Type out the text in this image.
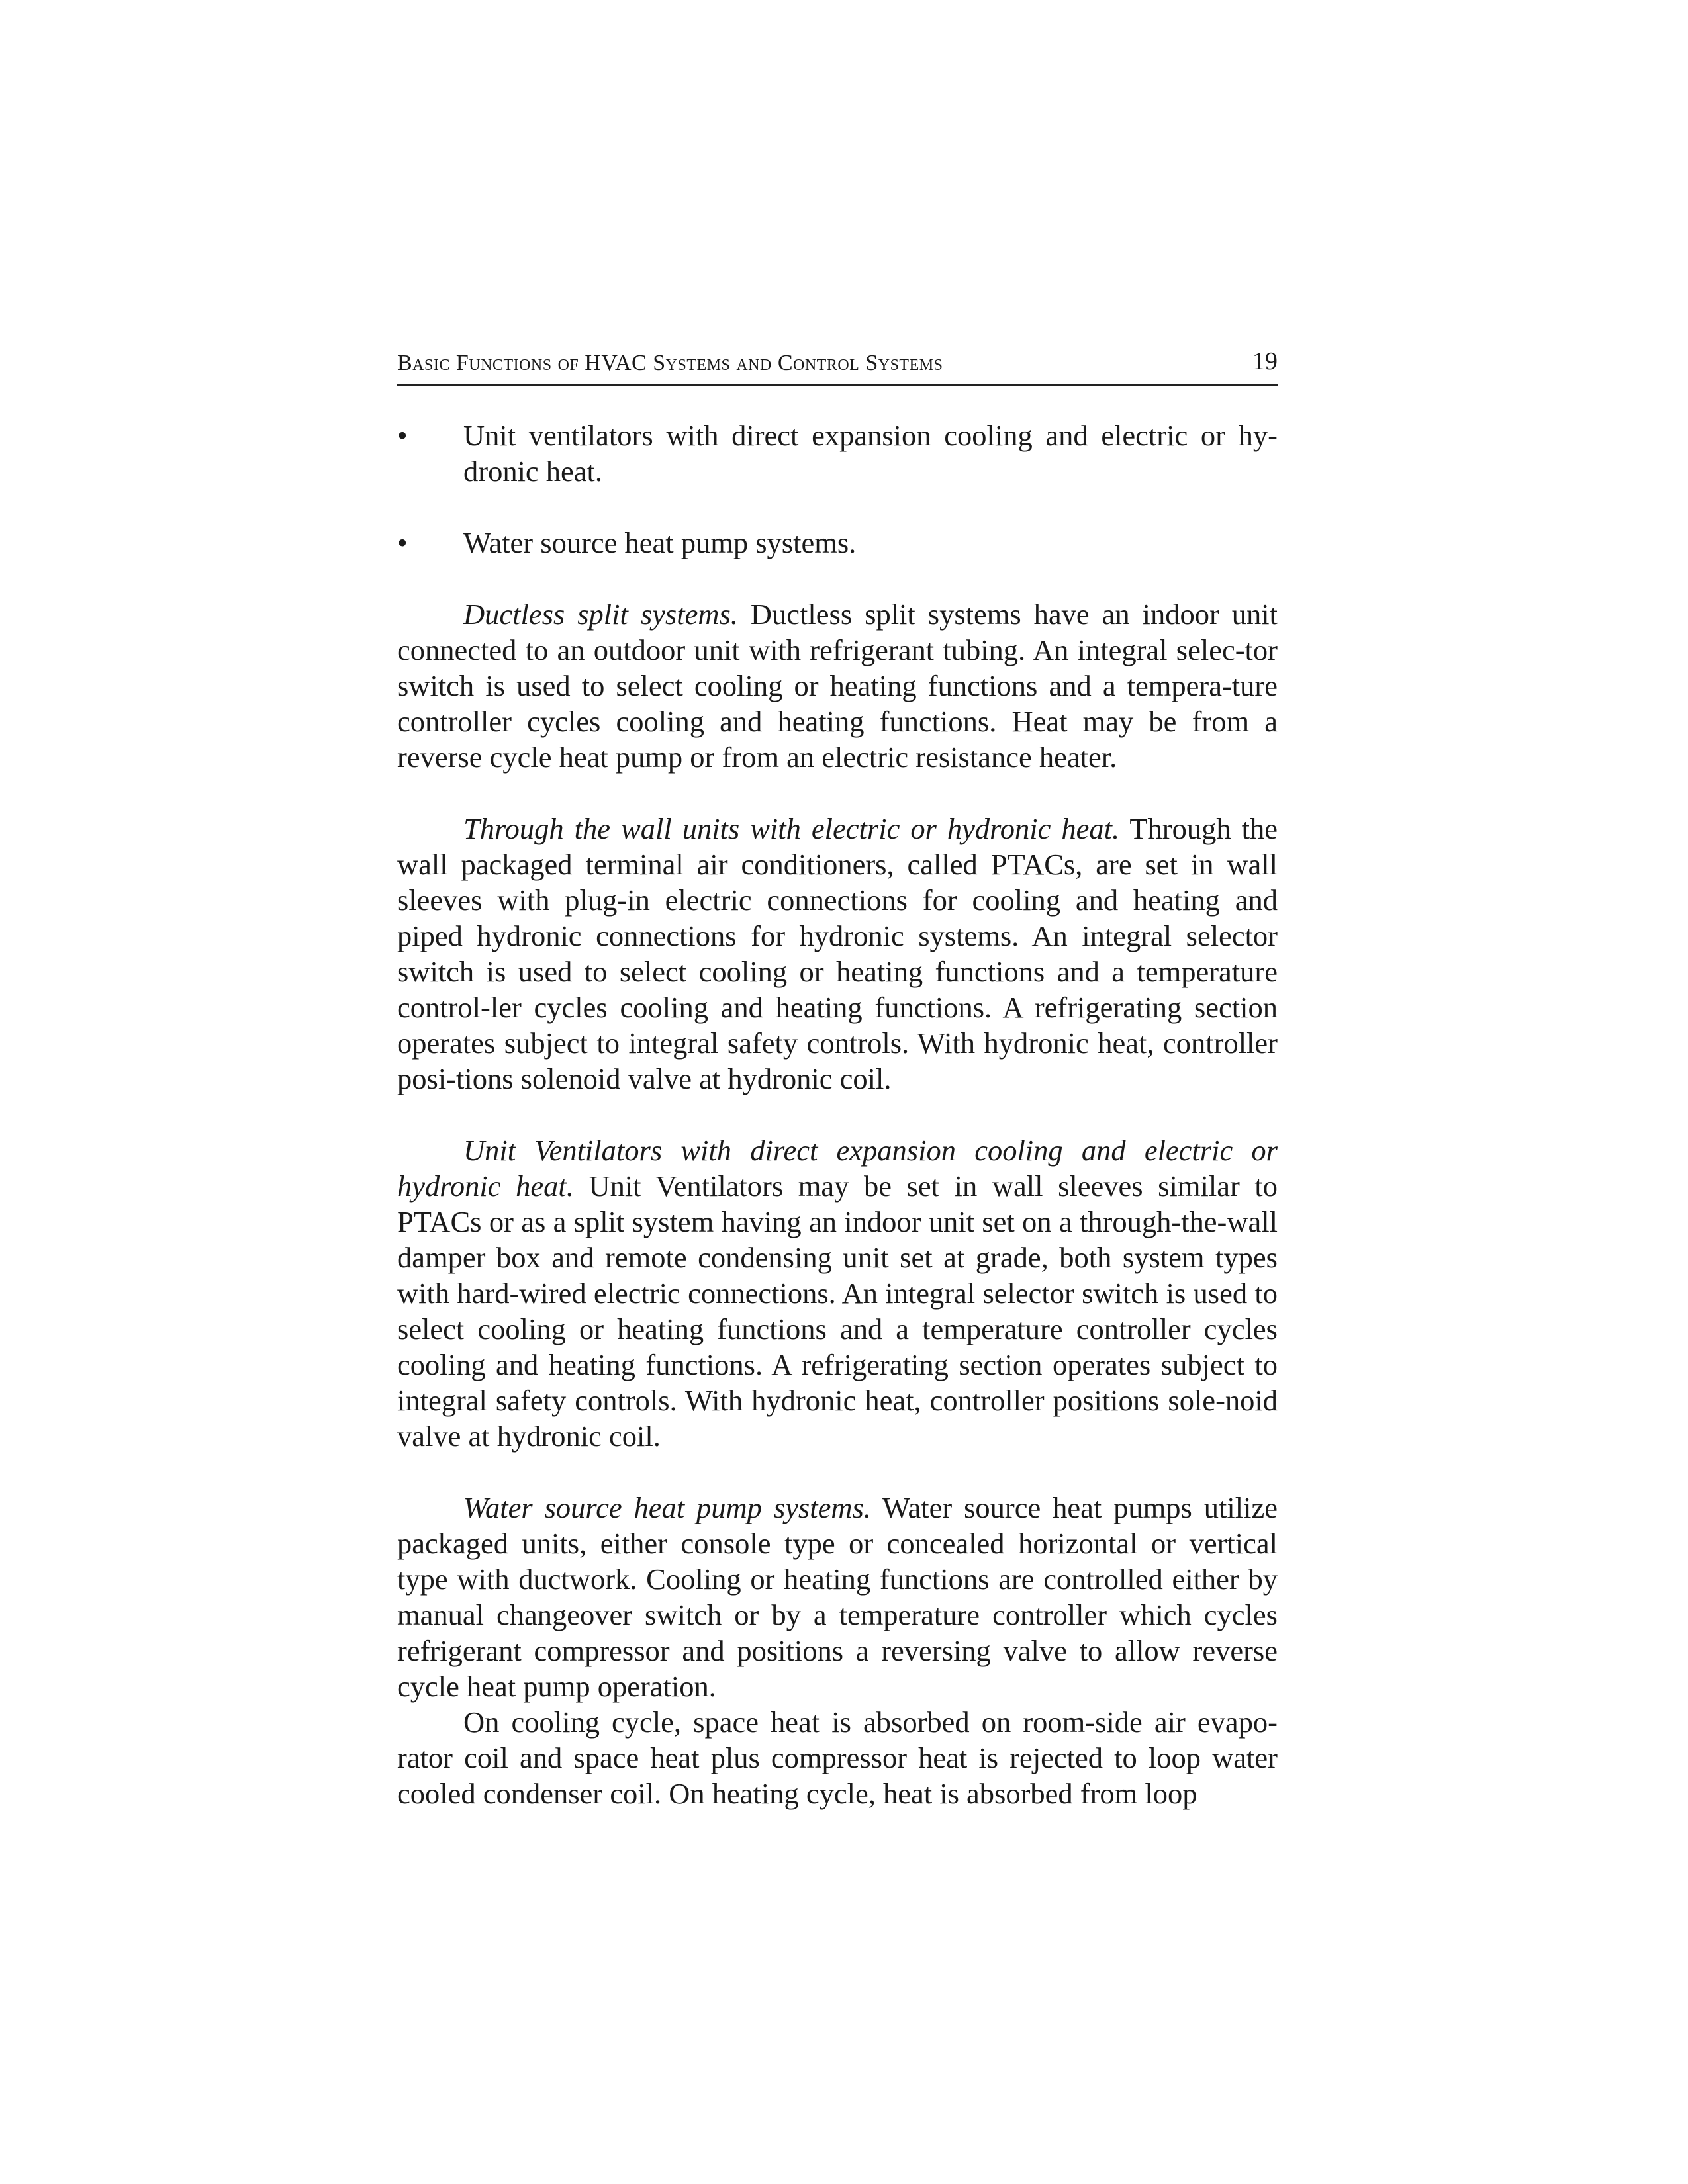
Basic Functions of HVAC Systems and Control Systems	19
• Unit ventilators with direct expansion cooling and electric or hy-dronic heat.
• Water source heat pump systems.

Ductless split systems. Ductless split systems have an indoor unit connected to an outdoor unit with refrigerant tubing. An integral selec-tor switch is used to select cooling or heating functions and a tempera-ture controller cycles cooling and heating functions. Heat may be from a reverse cycle heat pump or from an electric resistance heater.

Through the wall units with electric or hydronic heat. Through the wall packaged terminal air conditioners, called PTACs, are set in wall sleeves with plug-in electric connections for cooling and heating and piped hydronic connections for hydronic systems. An integral selector switch is used to select cooling or heating functions and a temperature control-ler cycles cooling and heating functions. A refrigerating section operates subject to integral safety controls. With hydronic heat, controller posi-tions solenoid valve at hydronic coil.

Unit Ventilators with direct expansion cooling and electric or hydronic heat. Unit Ventilators may be set in wall sleeves similar to PTACs or as a split system having an indoor unit set on a through-the-wall damper box and remote condensing unit set at grade, both system types with hard-wired electric connections. An integral selector switch is used to select cooling or heating functions and a temperature controller cycles cooling and heating functions. A refrigerating section operates subject to integral safety controls. With hydronic heat, controller positions sole-noid valve at hydronic coil.

Water source heat pump systems. Water source heat pumps utilize packaged units, either console type or concealed horizontal or vertical type with ductwork. Cooling or heating functions are controlled either by manual changeover switch or by a temperature controller which cycles refrigerant compressor and positions a reversing valve to allow reverse cycle heat pump operation.

On cooling cycle, space heat is absorbed on room-side air evapo-rator coil and space heat plus compressor heat is rejected to loop water cooled condenser coil. On heating cycle, heat is absorbed from loop
